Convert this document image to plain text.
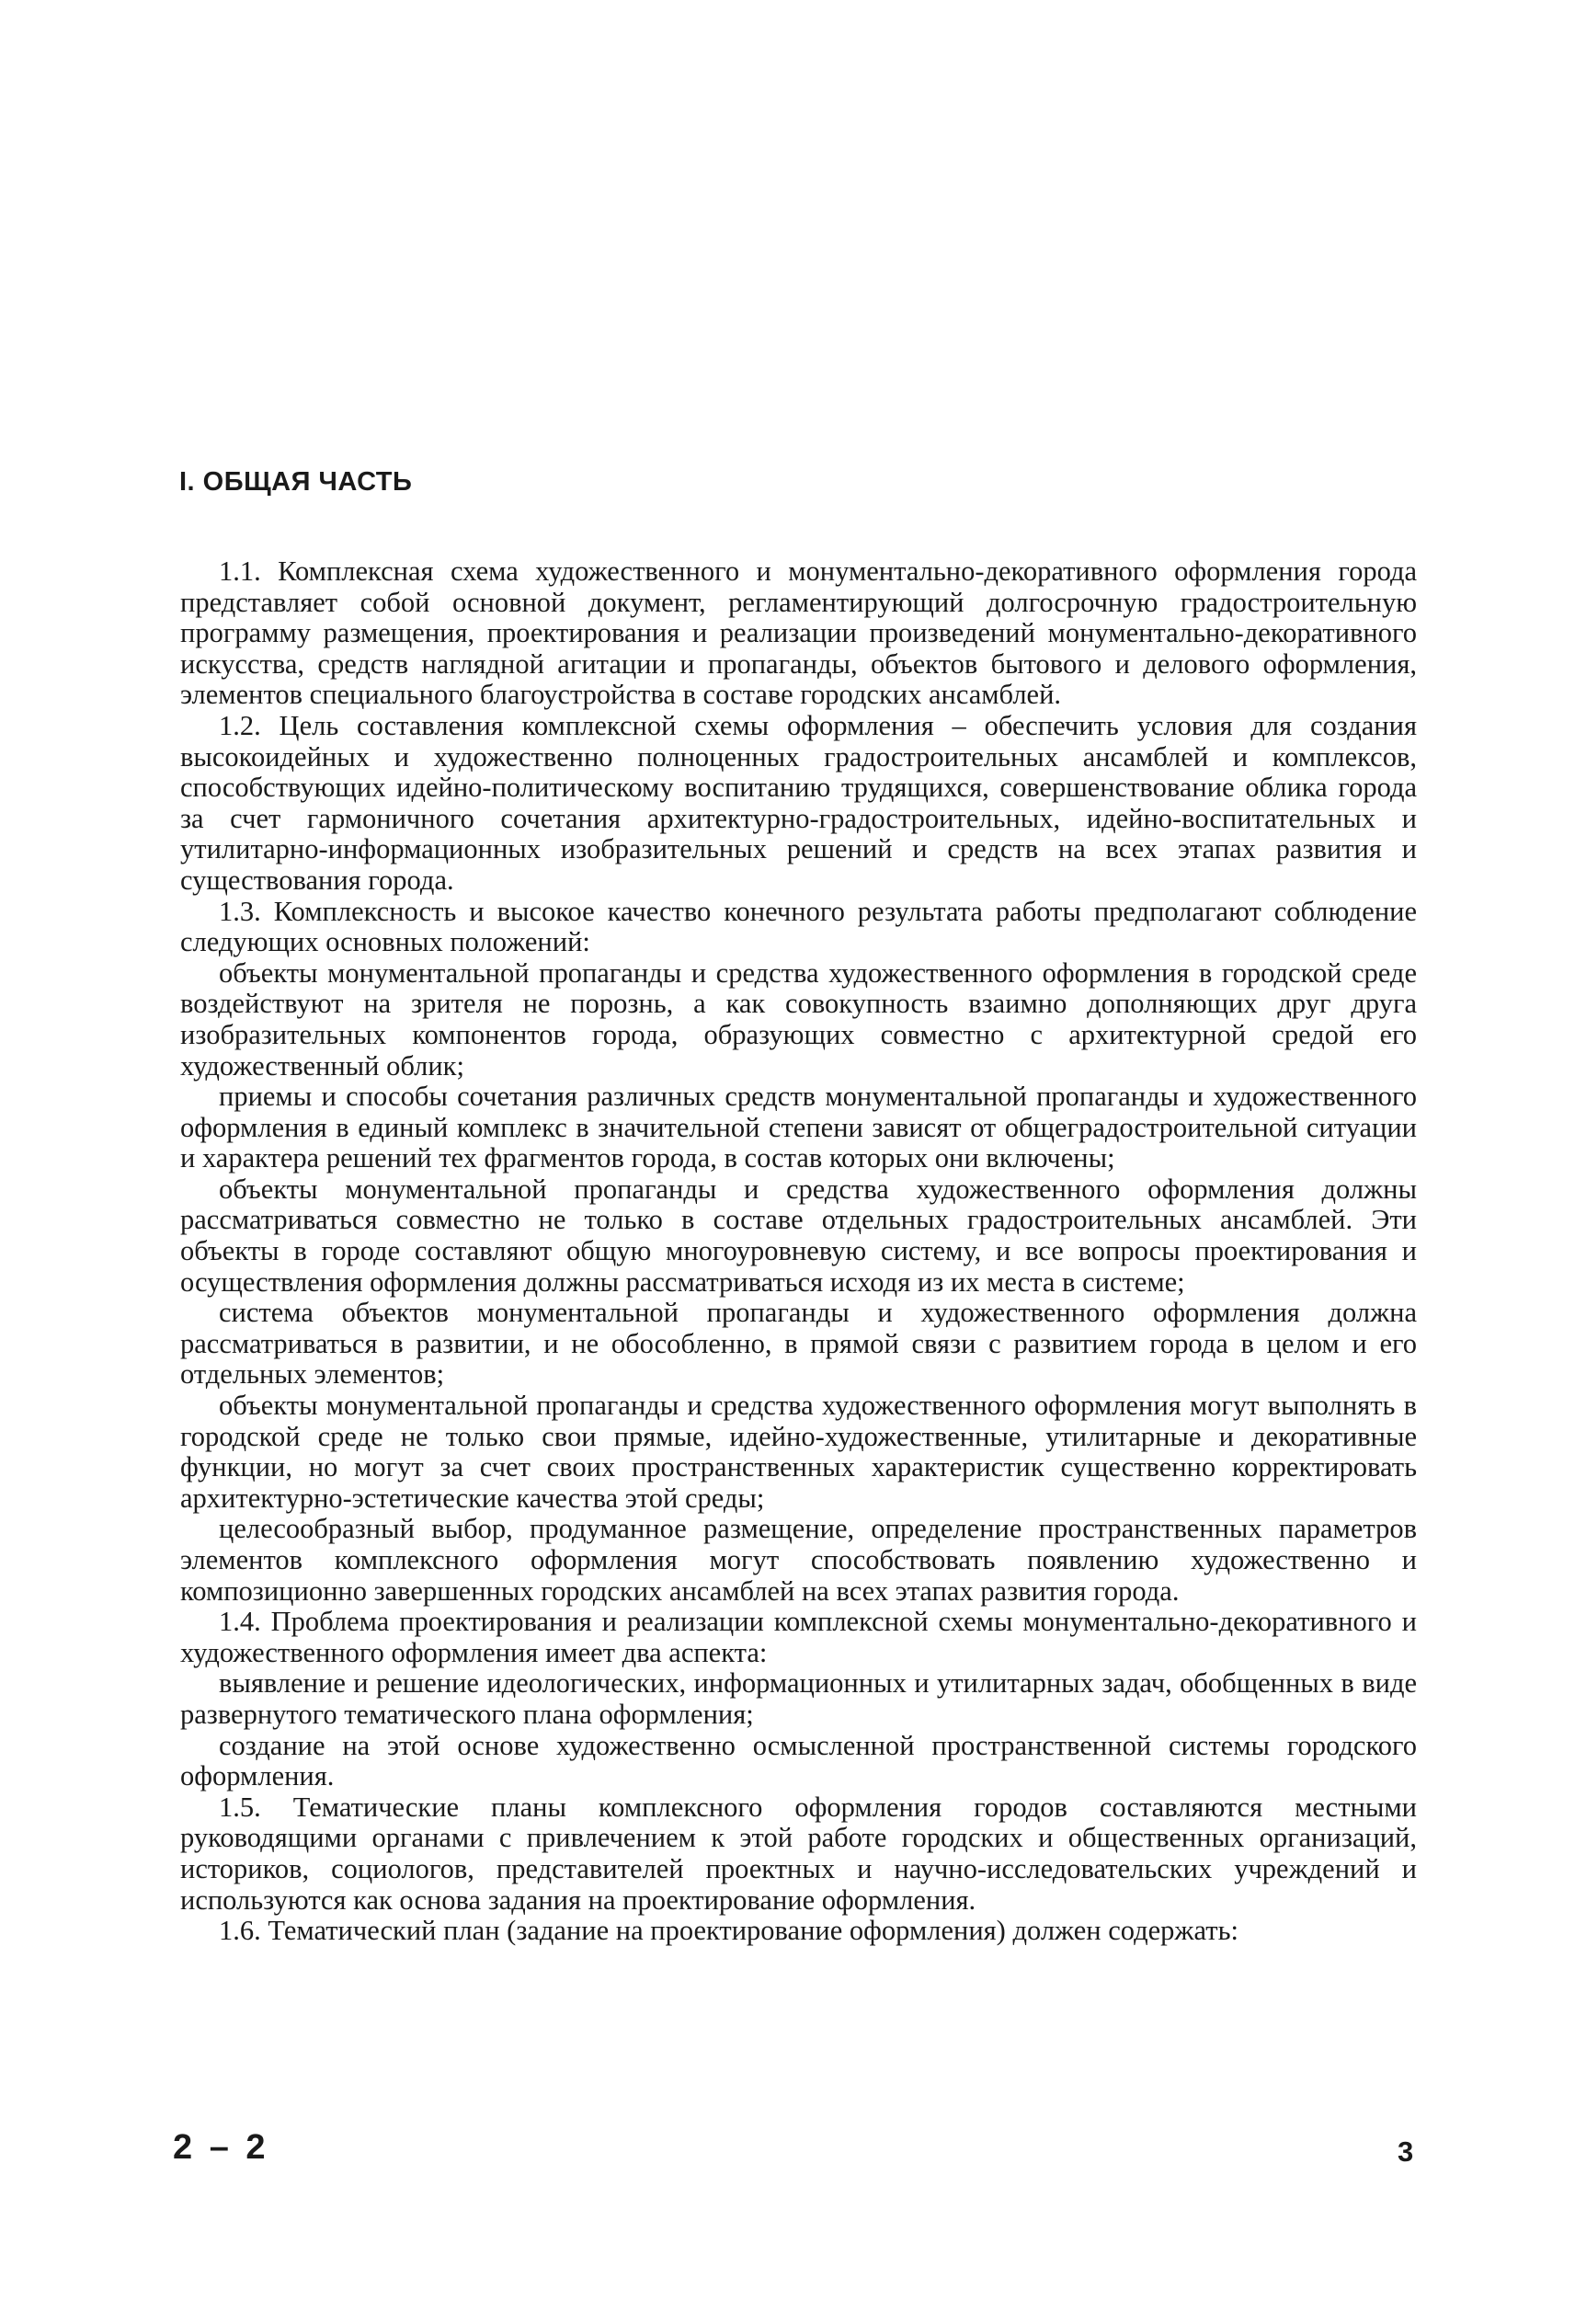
I. ОБЩАЯ ЧАСТЬ

1.1. Комплексная схема художественного и монументально-декоративного оформления города представляет собой основной документ, регламентирующий долгосрочную градостроительную программу размещения, проектирования и реализации произведений монументально-декоративного искусства, средств наглядной агитации и пропаганды, объектов бытового и делового оформления, элементов специального благоустройства в составе городских ансамблей.

1.2. Цель составления комплексной схемы оформления – обеспечить условия для создания высокоидейных и художественно полноценных градостроительных ансамблей и комплексов, способствующих идейно-политическому воспитанию трудящихся, совершенствование облика города за счет гармоничного сочетания архитектурно-градостроительных, идейно-воспитательных и утилитарно-информационных изобразительных решений и средств на всех этапах развития и существования города.

1.3. Комплексность и высокое качество конечного результата работы предполагают соблюдение следующих основных положений:

объекты монументальной пропаганды и средства художественного оформления в городской среде воздействуют на зрителя не порознь, а как совокупность взаимно дополняющих друг друга изобразительных компонентов города, образующих совместно с архитектурной средой его художественный облик;

приемы и способы сочетания различных средств монументальной пропаганды и художественного оформления в единый комплекс в значительной степени зависят от общеградостроительной ситуации и характера решений тех фрагментов города, в состав которых они включены;

объекты монументальной пропаганды и средства художественного оформления должны рассматриваться совместно не только в составе отдельных градостроительных ансамблей. Эти объекты в городе составляют общую многоуровневую систему, и все вопросы проектирования и осуществления оформления должны рассматриваться исходя из их места в системе;

система объектов монументальной пропаганды и художественного оформления должна рассматриваться в развитии, и не обособленно, в прямой связи с развитием города в целом и его отдельных элементов;

объекты монументальной пропаганды и средства художественного оформления могут выполнять в городской среде не только свои прямые, идейно-художественные, утилитарные и декоративные функции, но могут за счет своих пространственных характеристик существенно корректировать архитектурно-эстетические качества этой среды;

целесообразный выбор, продуманное размещение, определение пространственных параметров элементов комплексного оформления могут способствовать появлению художественно и композиционно завершенных городских ансамблей на всех этапах развития города.

1.4. Проблема проектирования и реализации комплексной схемы монументально-декоративного и художественного оформления имеет два аспекта:

выявление и решение идеологических, информационных и утилитарных задач, обобщенных в виде развернутого тематического плана оформления;

создание на этой основе художественно осмысленной пространственной системы городского оформления.

1.5. Тематические планы комплексного оформления городов составляются местными руководящими органами с привлечением к этой работе городских и общественных организаций, историков, социологов, представителей проектных и научно-исследовательских учреждений и используются как основа задания на проектирование оформления.

1.6. Тематический план (задание на проектирование оформления) должен содержать:

2 – 2	3
